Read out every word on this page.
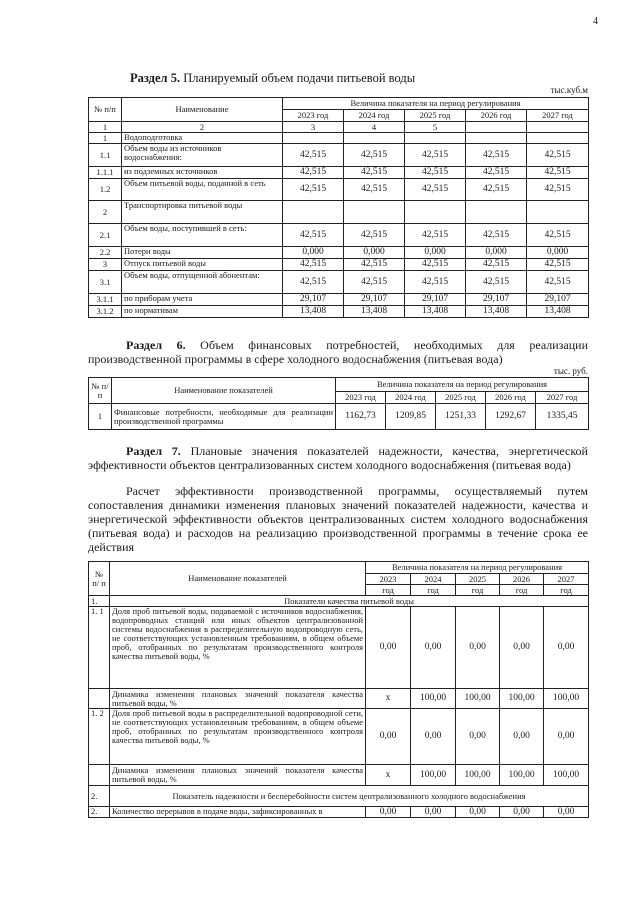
4
Раздел 5. Планируемый объем подачи питьевой воды
тыс.куб.м
№ п/п	Наименование	Величина показателя на период регулирования				
		2023 год	2024 год	2025 год	2026 год	2027 год
1	2	3	4	5		
1	Водоподготовка					
1.1	Объем воды из источников водоснабжения:	42,515	42,515	42,515	42,515	42,515
1.1.1	из подземных источников	42,515	42,515	42,515	42,515	42,515
1.2	Объем питьевой воды, поданной в сеть	42,515	42,515	42,515	42,515	42,515
2	Транспортировка питьевой воды					
2.1	Объем воды, поступившей в сеть:	42,515	42,515	42,515	42,515	42,515
2.2	Потери воды	0,000	0,000	0,000	0,000	0,000
3	Отпуск питьевой воды	42,515	42,515	42,515	42,515	42,515
3.1	Объем воды, отпущенной абонентам:	42,515	42,515	42,515	42,515	42,515
3.1.1	по приборам учета	29,107	29,107	29,107	29,107	29,107
3.1.2	по нормативам	13,408	13,408	13,408	13,408	13,408
Раздел 6. Объем финансовых потребностей, необходимых для реализации производственной программы в сфере холодного водоснабжения (питьевая вода)
тыс. руб.
№ п/п	Наименование показателей	Величина показателя на период регулирования				
		2023 год	2024 год	2025 год	2026 год	2027 год
1	Финансовые потребности, необходимые для реализации производственной программы	1162,73	1209,85	1251,33	1292,67	1335,45
Раздел 7. Плановые значения показателей надежности, качества, энергетической эффективности объектов централизованных систем холодного водоснабжения (питьевая вода)
Расчет эффективности производственной программы, осуществляемый путем сопоставления динамики изменения плановых значений показателей надежности, качества и энергетической эффективности объектов централизованных систем холодного водоснабжения (питьевая вода) и расходов на реализацию производственной программы в течение срока ее действия
№ п/ п	Наименование показателей	Величина показателя на период регулирования				
		2023	2024	2025	2026	2027
		год	год	год	год	год
1.	Показатели качества питьевой воды					
1. 1	Доля проб питьевой воды, подаваемой с источников водоснабжения, водопроводных станций или иных объектов централизованной системы водоснабжения в распределительную водопроводную сеть, не соответствующих установленным требованиям, в общем объеме проб, отобранных по результатам производственного контроля качества питьевой воды, %	0,00	0,00	0,00	0,00	0,00
	Динамика изменения плановых значений показателя качества питьевой воды, %	x	100,00	100,00	100,00	100,00
1. 2	Доля проб питьевой воды в распределительной водопроводной сети, не соответствующих установленным требованиям, в общем объеме проб, отобранных по результатам производственного контроля качества питьевой воды, %	0,00	0,00	0,00	0,00	0,00
	Динамика изменения плановых значений показателя качества питьевой воды, %	x	100,00	100,00	100,00	100,00
2.	Показатель надежности и бесперебойности систем централизованного холодного водоснабжения					
2.	Количество перерывов в подаче воды, зафиксированных в	0,00	0,00	0,00	0,00	0,00
